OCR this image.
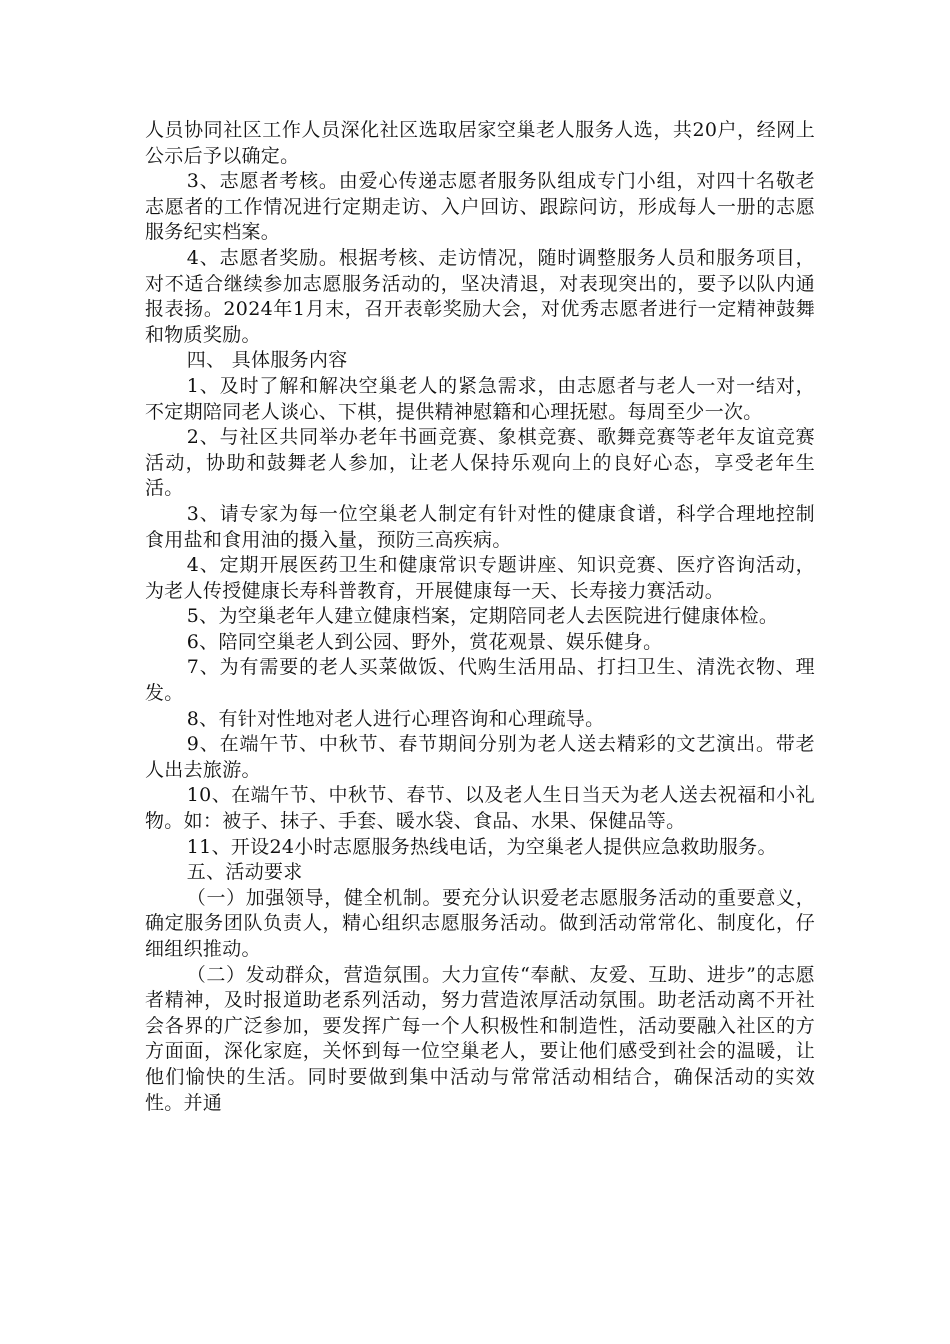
人员协同社区工作人员深化社区选取居家空巢老人服务人选，共20户，经网上公示后予以确定。

3、志愿者考核。由爱心传递志愿者服务队组成专门小组，对四十名敬老志愿者的工作情况进行定期走访、入户回访、跟踪问访，形成每人一册的志愿服务纪实档案。

4、志愿者奖励。根据考核、走访情况，随时调整服务人员和服务项目，对不适合继续参加志愿服务活动的，坚决清退，对表现突出的，要予以队内通报表扬。2024年1月末，召开表彰奖励大会，对优秀志愿者进行一定精神鼓舞和物质奖励。

四、 具体服务内容

1、及时了解和解决空巢老人的紧急需求，由志愿者与老人一对一结对，不定期陪同老人谈心、下棋，提供精神慰籍和心理抚慰。每周至少一次。

2、与社区共同举办老年书画竞赛、象棋竞赛、歌舞竞赛等老年友谊竞赛活动，协助和鼓舞老人参加，让老人保持乐观向上的良好心态，享受老年生活。

3、请专家为每一位空巢老人制定有针对性的健康食谱，科学合理地控制食用盐和食用油的摄入量，预防三高疾病。

4、定期开展医药卫生和健康常识专题讲座、知识竞赛、医疗咨询活动，为老人传授健康长寿科普教育，开展健康每一天、长寿接力赛活动。

5、为空巢老年人建立健康档案，定期陪同老人去医院进行健康体检。

6、陪同空巢老人到公园、野外，赏花观景、娱乐健身。

7、为有需要的老人买菜做饭、代购生活用品、打扫卫生、清洗衣物、理发。

8、有针对性地对老人进行心理咨询和心理疏导。

9、在端午节、中秋节、春节期间分别为老人送去精彩的文艺演出。带老人出去旅游。

10、在端午节、中秋节、春节、以及老人生日当天为老人送去祝福和小礼物。如：被子、抹子、手套、暖水袋、食品、水果、保健品等。

11、开设24小时志愿服务热线电话，为空巢老人提供应急救助服务。

五、活动要求

（一）加强领导，健全机制。要充分认识爱老志愿服务活动的重要意义，确定服务团队负责人，精心组织志愿服务活动。做到活动常常化、制度化，仔细组织推动。

（二）发动群众，营造氛围。大力宣传“奉献、友爱、互助、进步”的志愿者精神，及时报道助老系列活动，努力营造浓厚活动氛围。助老活动离不开社会各界的广泛参加，要发挥广每一个人积极性和制造性，活动要融入社区的方方面面，深化家庭，关怀到每一位空巢老人，要让他们感受到社会的温暖，让他们愉快的生活。同时要做到集中活动与常常活动相结合，确保活动的实效性。并通
